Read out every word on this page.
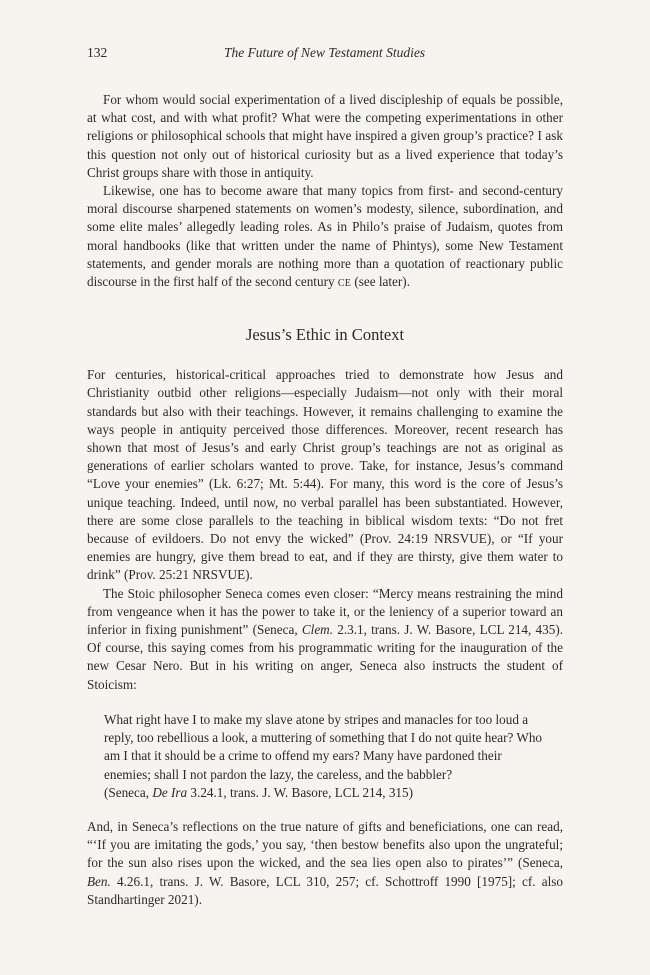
132	The Future of New Testament Studies

For whom would social experimentation of a lived discipleship of equals be possible, at what cost, and with what profit? What were the competing experimentations in other religions or philosophical schools that might have inspired a given group’s practice? I ask this question not only out of historical curiosity but as a lived experience that today’s Christ groups share with those in antiquity.

Likewise, one has to become aware that many topics from first- and second-century moral discourse sharpened statements on women’s modesty, silence, subordination, and some elite males’ allegedly leading roles. As in Philo’s praise of Judaism, quotes from moral handbooks (like that written under the name of Phintys), some New Testament statements, and gender morals are nothing more than a quotation of reactionary public discourse in the first half of the second century CE (see later).

Jesus’s Ethic in Context

For centuries, historical-critical approaches tried to demonstrate how Jesus and Christianity outbid other religions—especially Judaism—not only with their moral standards but also with their teachings. However, it remains challenging to examine the ways people in antiquity perceived those differences. Moreover, recent research has shown that most of Jesus’s and early Christ group’s teachings are not as original as generations of earlier scholars wanted to prove. Take, for instance, Jesus’s command “Love your enemies” (Lk. 6:27; Mt. 5:44). For many, this word is the core of Jesus’s unique teaching. Indeed, until now, no verbal parallel has been substantiated. However, there are some close parallels to the teaching in biblical wisdom texts: “Do not fret because of evildoers. Do not envy the wicked” (Prov. 24:19 NRSVUE), or “If your enemies are hungry, give them bread to eat, and if they are thirsty, give them water to drink” (Prov. 25:21 NRSVUE).

The Stoic philosopher Seneca comes even closer: “Mercy means restraining the mind from vengeance when it has the power to take it, or the leniency of a superior toward an inferior in fixing punishment” (Seneca, Clem. 2.3.1, trans. J. W. Basore, LCL 214, 435). Of course, this saying comes from his programmatic writing for the inauguration of the new Cesar Nero. But in his writing on anger, Seneca also instructs the student of Stoicism:

What right have I to make my slave atone by stripes and manacles for too loud a reply, too rebellious a look, a muttering of something that I do not quite hear? Who am I that it should be a crime to offend my ears? Many have pardoned their enemies; shall I not pardon the lazy, the careless, and the babbler?

(Seneca, De Ira 3.24.1, trans. J. W. Basore, LCL 214, 315)

And, in Seneca’s reflections on the true nature of gifts and beneficiations, one can read, “‘If you are imitating the gods,’ you say, ‘then bestow benefits also upon the ungrateful; for the sun also rises upon the wicked, and the sea lies open also to pirates’” (Seneca, Ben. 4.26.1, trans. J. W. Basore, LCL 310, 257; cf. Schottroff 1990 [1975]; cf. also Standhartinger 2021).
